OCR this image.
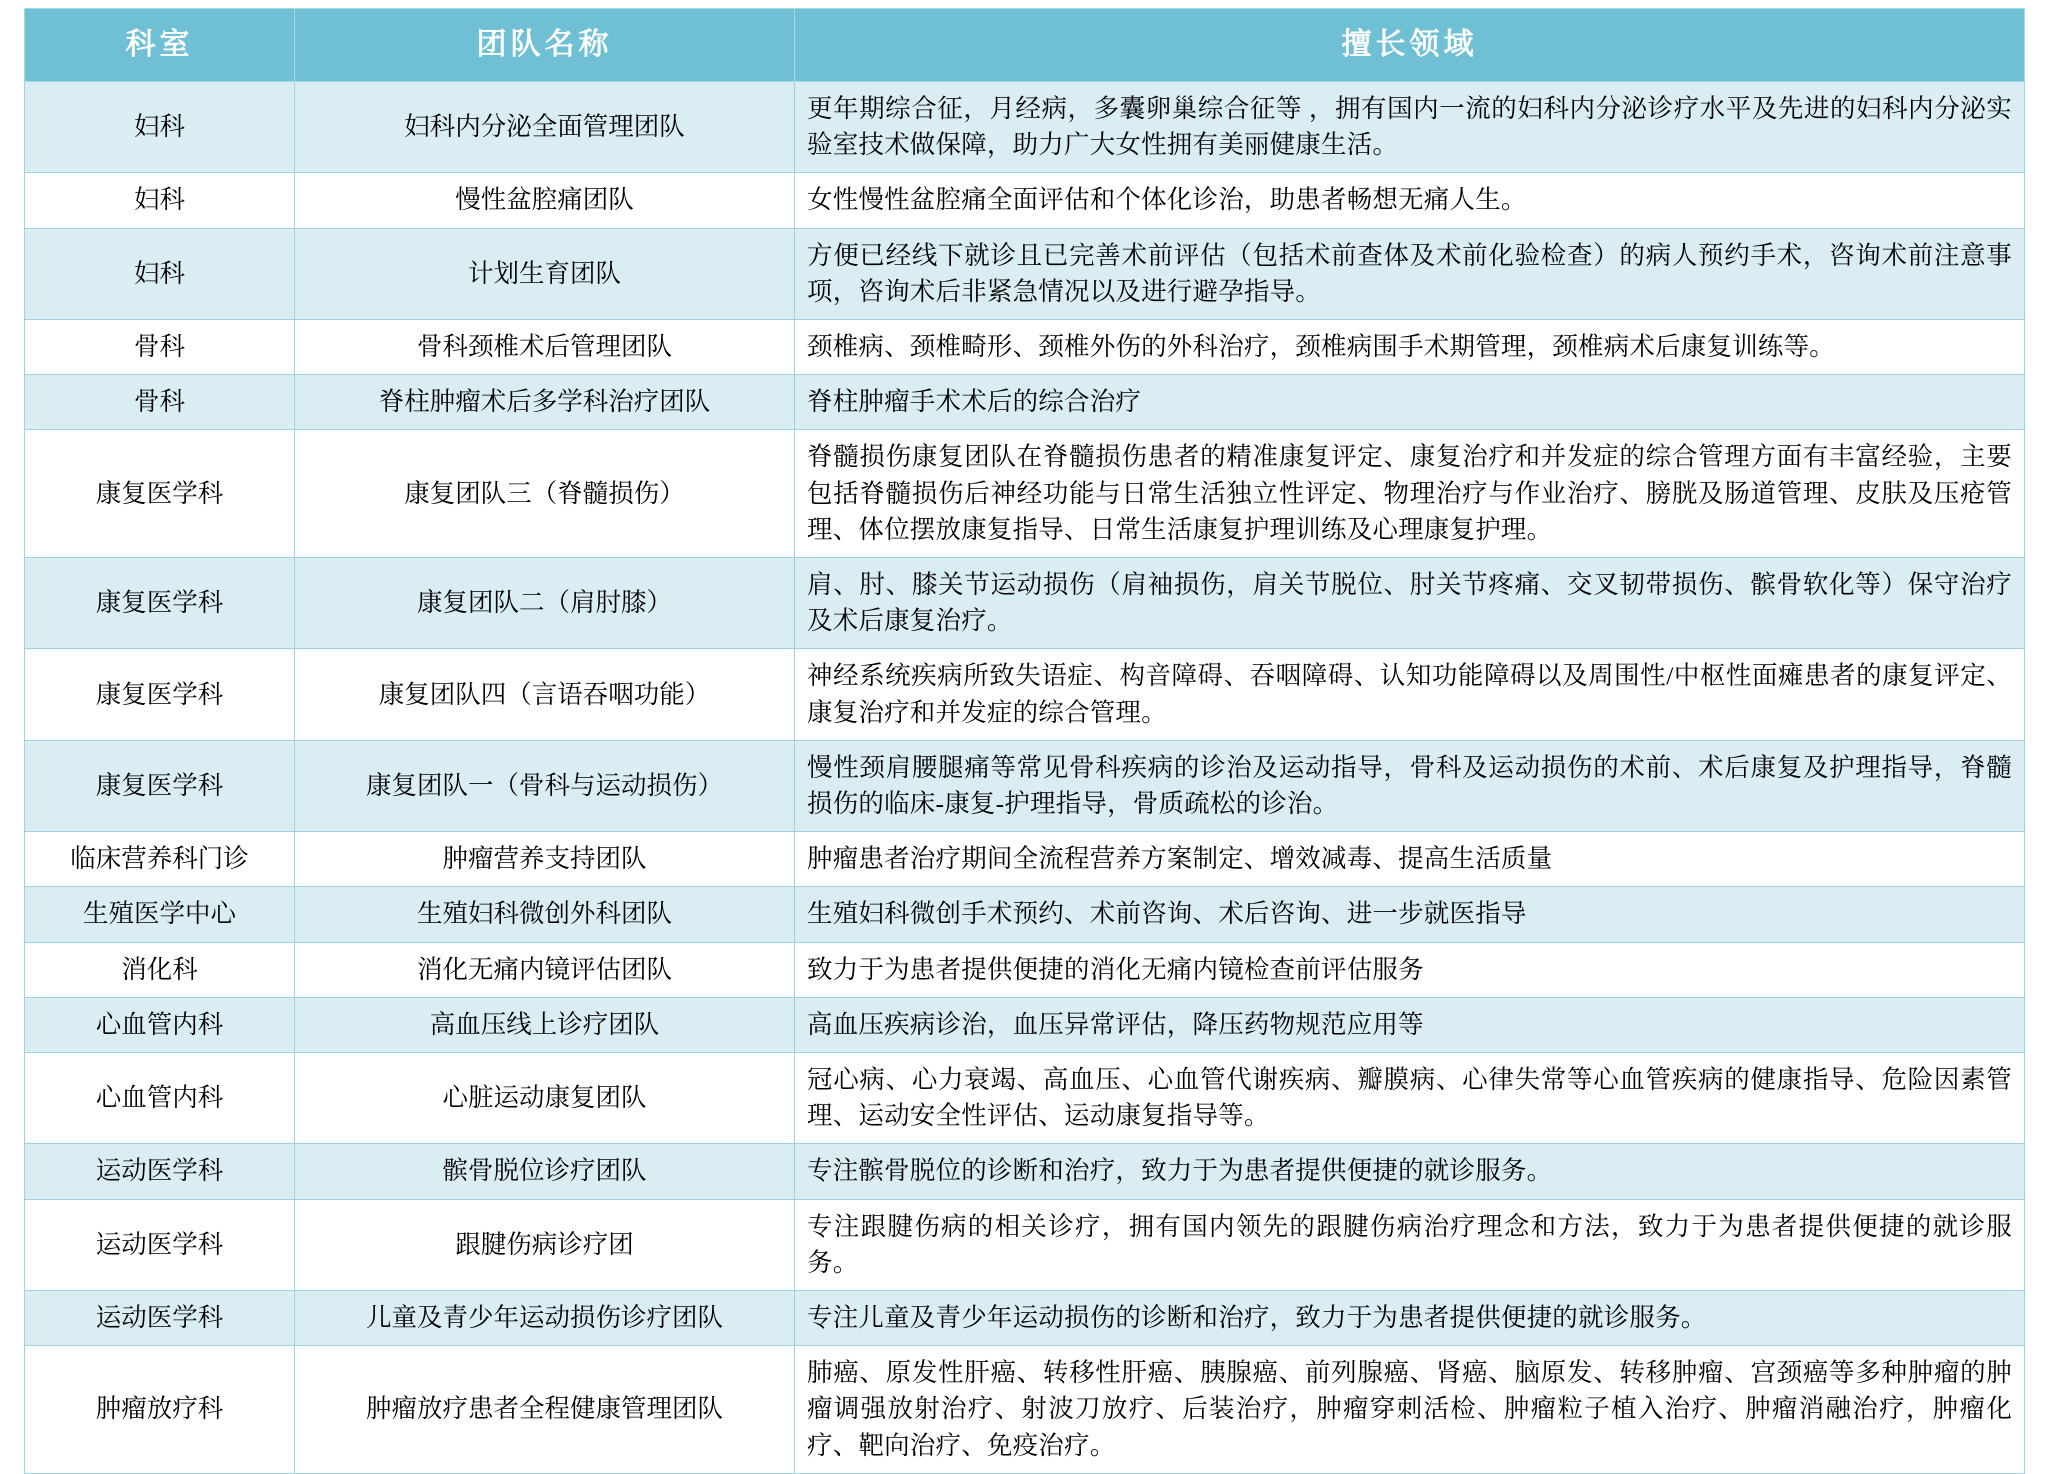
科室	团队名称	擅长领域
妇科	妇科内分泌全面管理团队	更年期综合征，月经病，多囊卵巢综合征等 ，拥有国内一流的妇科内分泌诊疗水平及先进的妇科内分泌实验室技术做保障，助力广大女性拥有美丽健康生活。
妇科	慢性盆腔痛团队	女性慢性盆腔痛全面评估和个体化诊治，助患者畅想无痛人生。
妇科	计划生育团队	方便已经线下就诊且已完善术前评估（包括术前查体及术前化验检查）的病人预约手术，咨询术前注意事项，咨询术后非紧急情况以及进行避孕指导。
骨科	骨科颈椎术后管理团队	颈椎病、颈椎畸形、颈椎外伤的外科治疗，颈椎病围手术期管理，颈椎病术后康复训练等。
骨科	脊柱肿瘤术后多学科治疗团队	脊柱肿瘤手术术后的综合治疗
康复医学科	康复团队三（脊髓损伤）	脊髓损伤康复团队在脊髓损伤患者的精准康复评定、康复治疗和并发症的综合管理方面有丰富经验，主要包括脊髓损伤后神经功能与日常生活独立性评定、物理治疗与作业治疗、膀胱及肠道管理、皮肤及压疮管理、体位摆放康复指导、日常生活康复护理训练及心理康复护理。
康复医学科	康复团队二（肩肘膝）	肩、肘、膝关节运动损伤（肩袖损伤，肩关节脱位、肘关节疼痛、交叉韧带损伤、髌骨软化等）保守治疗及术后康复治疗。
康复医学科	康复团队四（言语吞咽功能）	神经系统疾病所致失语症、构音障碍、吞咽障碍、认知功能障碍以及周围性/中枢性面瘫患者的康复评定、康复治疗和并发症的综合管理。
康复医学科	康复团队一（骨科与运动损伤）	慢性颈肩腰腿痛等常见骨科疾病的诊治及运动指导，骨科及运动损伤的术前、术后康复及护理指导，脊髓损伤的临床-康复-护理指导，骨质疏松的诊治。
临床营养科门诊	肿瘤营养支持团队	肿瘤患者治疗期间全流程营养方案制定、增效减毒、提高生活质量
生殖医学中心	生殖妇科微创外科团队	生殖妇科微创手术预约、术前咨询、术后咨询、进一步就医指导
消化科	消化无痛内镜评估团队	致力于为患者提供便捷的消化无痛内镜检查前评估服务
心血管内科	高血压线上诊疗团队	高血压疾病诊治，血压异常评估，降压药物规范应用等
心血管内科	心脏运动康复团队	冠心病、心力衰竭、高血压、心血管代谢疾病、瓣膜病、心律失常等心血管疾病的健康指导、危险因素管理、运动安全性评估、运动康复指导等。
运动医学科	髌骨脱位诊疗团队	专注髌骨脱位的诊断和治疗，致力于为患者提供便捷的就诊服务。
运动医学科	跟腱伤病诊疗团	专注跟腱伤病的相关诊疗，拥有国内领先的跟腱伤病治疗理念和方法，致力于为患者提供便捷的就诊服务。
运动医学科	儿童及青少年运动损伤诊疗团队	专注儿童及青少年运动损伤的诊断和治疗，致力于为患者提供便捷的就诊服务。
肿瘤放疗科	肿瘤放疗患者全程健康管理团队	肺癌、原发性肝癌、转移性肝癌、胰腺癌、前列腺癌、肾癌、脑原发、转移肿瘤、宫颈癌等多种肿瘤的肿瘤调强放射治疗、射波刀放疗、后装治疗，肿瘤穿刺活检、肿瘤粒子植入治疗、肿瘤消融治疗，肿瘤化疗、靶向治疗、免疫治疗。
